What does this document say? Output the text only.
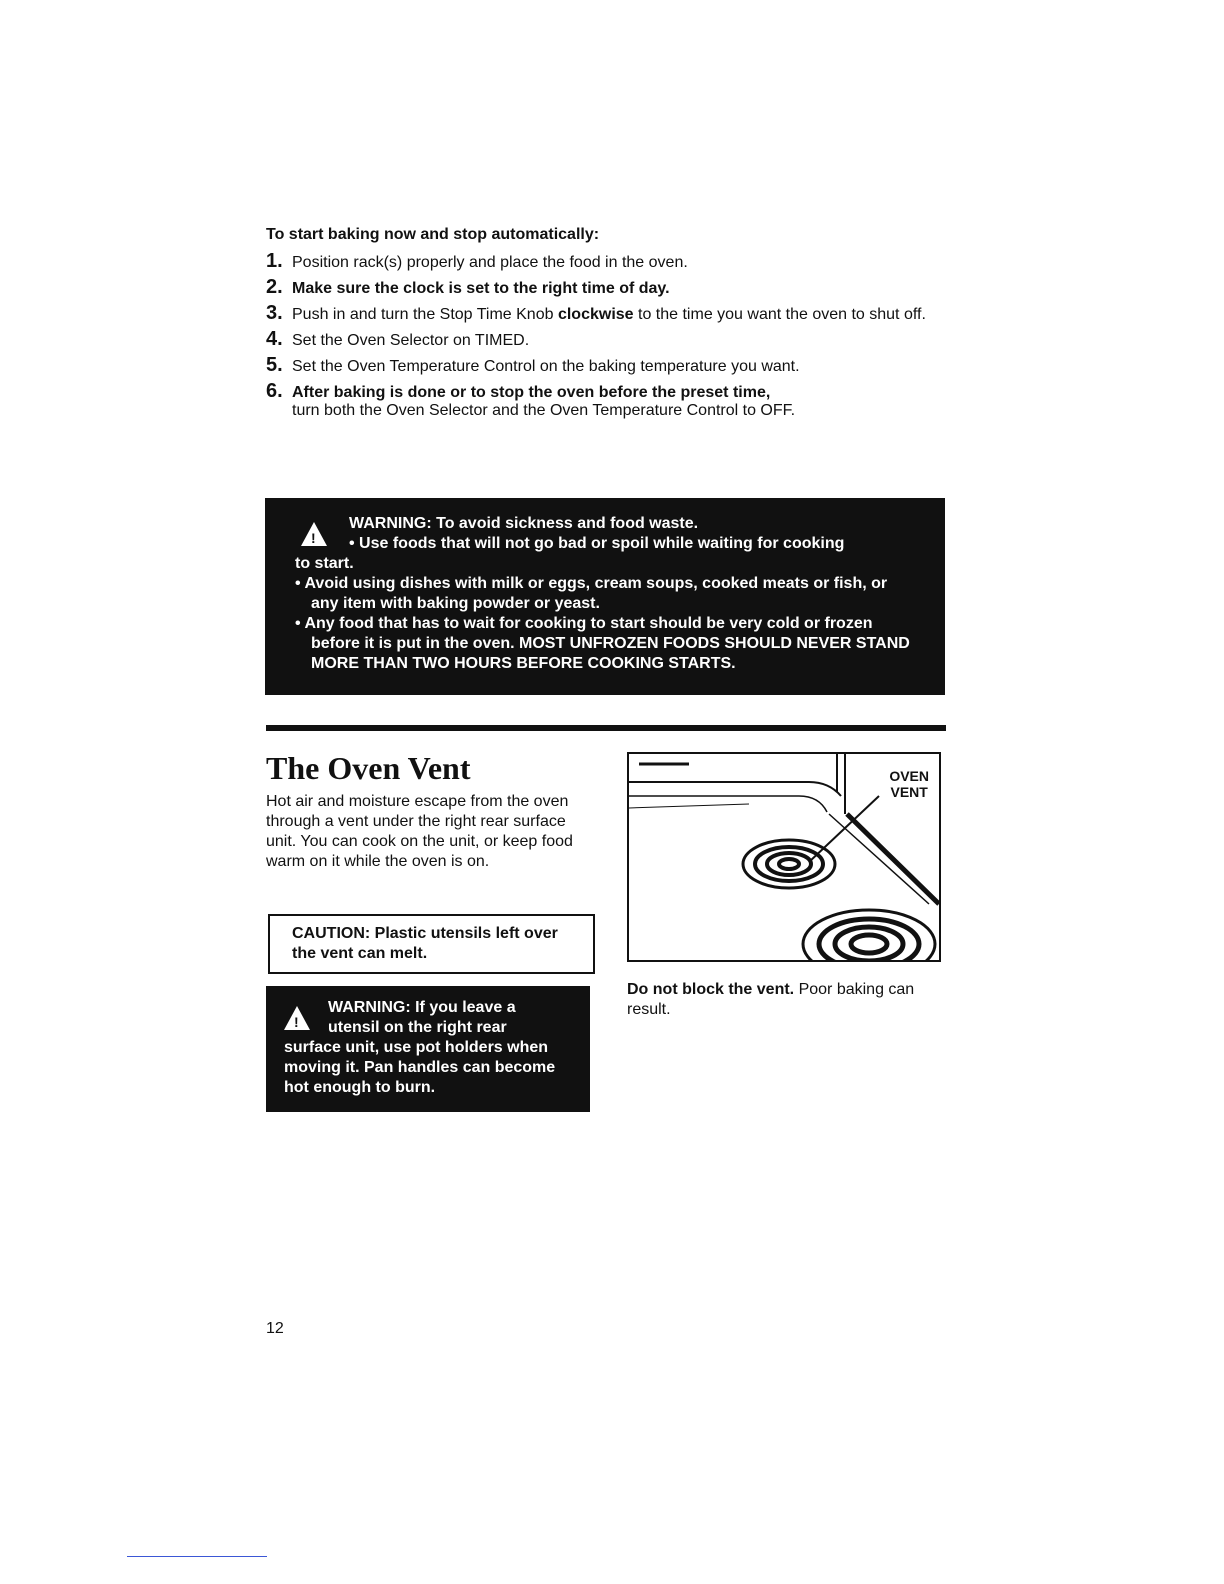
To start baking now and stop automatically:
1. Position rack(s) properly and place the food in the oven.
2. Make sure the clock is set to the right time of day.
3. Push in and turn the Stop Time Knob clockwise to the time you want the oven to shut off.
4. Set the Oven Selector on TIMED.
5. Set the Oven Temperature Control on the baking temperature you want.
6. After baking is done or to stop the oven before the preset time,
turn both the Oven Selector and the Oven Temperature Control to OFF.
!
WARNING: To avoid sickness and food waste.
• Use foods that will not go bad or spoil while waiting for cooking
to start.
• Avoid using dishes with milk or eggs, cream soups, cooked meats or fish, or any item with baking powder or yeast.
• Any food that has to wait for cooking to start should be very cold or frozen before it is put in the oven. MOST UNFROZEN FOODS SHOULD NEVER STAND MORE THAN TWO HOURS BEFORE COOKING STARTS.
The Oven Vent
Hot air and moisture escape from the oven through a vent under the right rear surface unit. You can cook on the unit, or keep food warm on it while the oven is on.
CAUTION: Plastic utensils left over the vent can melt.
!
WARNING: If you leave a
utensil on the right rear
surface unit, use pot holders when moving it. Pan handles can become hot enough to burn.
OVEN
VENT
Do not block the vent. Poor baking can result.
12
